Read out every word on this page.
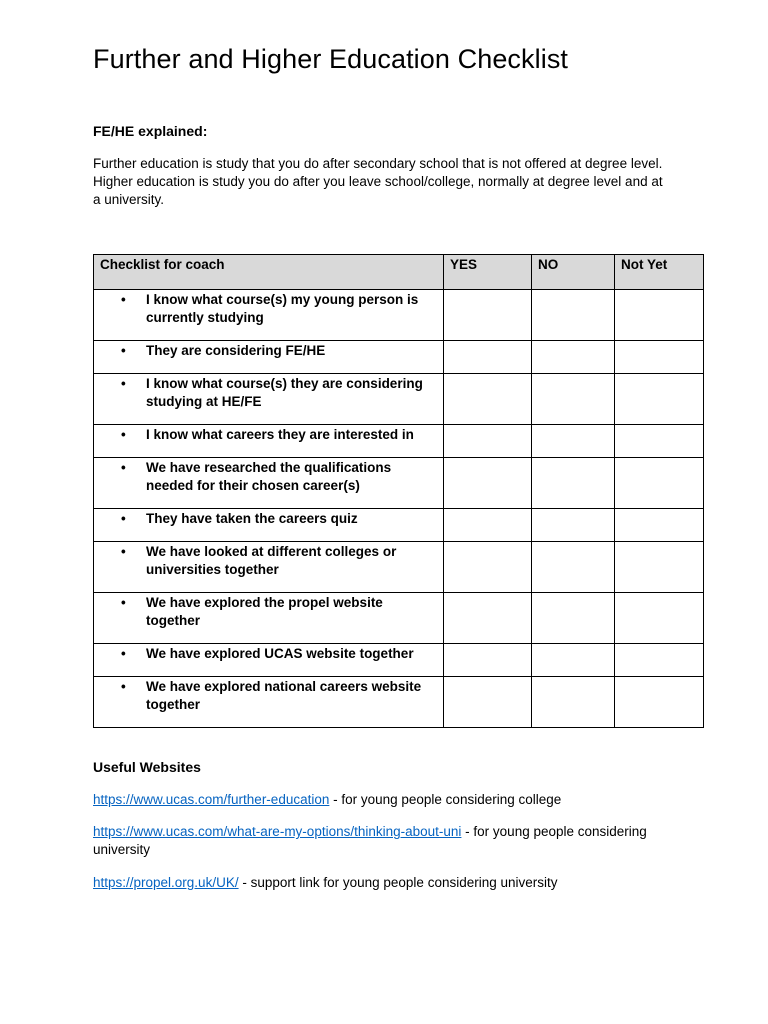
Further and Higher Education Checklist
FE/HE explained:
Further education is study that you do after secondary school that is not offered at degree level. Higher education is study you do after you leave school/college, normally at degree level and at a university.
Checklist for coach	YES	NO	Not Yet

• I know what course(s) my young person is currently studying			

• They are considering FE/HE			

• I know what course(s) they are considering studying at HE/FE			

• I know what careers they are interested in			

• We have researched the qualifications needed for their chosen career(s)			

• They have taken the careers quiz			

• We have looked at different colleges or universities together			

• We have explored the propel website together			

• We have explored UCAS website together			

• We have explored national careers website together			

Useful Websites
https://www.ucas.com/further-education - for young people considering college
https://www.ucas.com/what-are-my-options/thinking-about-uni - for young people considering university
https://propel.org.uk/UK/ - support link for young people considering university
